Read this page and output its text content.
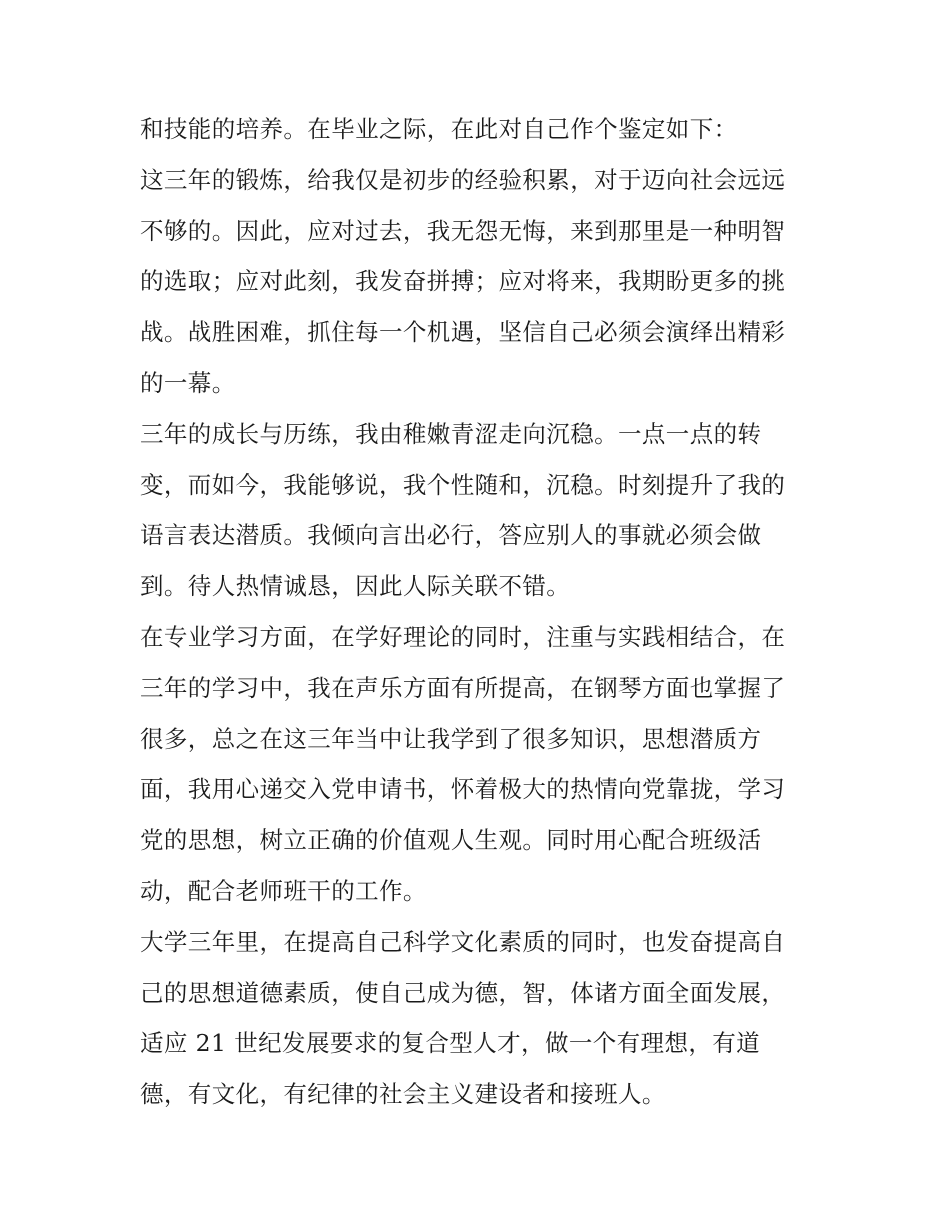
和技能的培养。在毕业之际，在此对自己作个鉴定如下：
这三年的锻炼，给我仅是初步的经验积累，对于迈向社会远远
不够的。因此，应对过去，我无怨无悔，来到那里是一种明智
的选取；应对此刻，我发奋拼搏；应对将来，我期盼更多的挑
战。战胜困难，抓住每一个机遇，坚信自己必须会演绎出精彩
的一幕。
三年的成长与历练，我由稚嫩青涩走向沉稳。一点一点的转
变，而如今，我能够说，我个性随和，沉稳。时刻提升了我的
语言表达潜质。我倾向言出必行，答应别人的事就必须会做
到。待人热情诚恳，因此人际关联不错。
在专业学习方面，在学好理论的同时，注重与实践相结合，在
三年的学习中，我在声乐方面有所提高，在钢琴方面也掌握了
很多，总之在这三年当中让我学到了很多知识，思想潜质方
面，我用心递交入党申请书，怀着极大的热情向党靠拢，学习
党的思想，树立正确的价值观人生观。同时用心配合班级活
动，配合老师班干的工作。
大学三年里，在提高自己科学文化素质的同时，也发奋提高自
己的思想道德素质，使自己成为德，智，体诸方面全面发展，
适应 21 世纪发展要求的复合型人才，做一个有理想，有道
德，有文化，有纪律的社会主义建设者和接班人。
